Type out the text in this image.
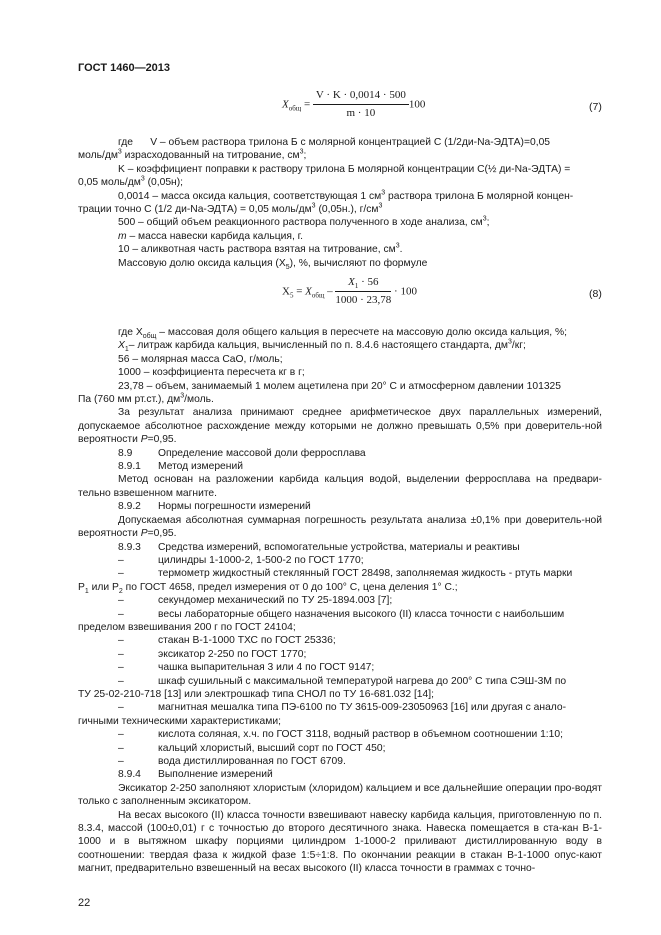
ГОСТ 1460—2013
$X_{общ} = \frac{V \cdot K \cdot 0,0014 \cdot 500}{m \cdot 10} 100$	(7)

где V – объем раствора трилона Б с молярной концентрацией С (1/2ди-Na-ЭДТА)=0,05

моль/$дм^3$ израсходованный на титрование, $см^3$;

K – коэффициент поправки к раствору трилона Б молярной концентрации С(½ ди-Na-ЭДТА) =

0,05 моль/$дм^3$ (0,05н);

0,0014 – масса оксида кальция, соответствующая 1 $см^3$ раствора трилона Б молярной концен-

трации точно С (1/2 ди-Na-ЭДТА) = 0,05 моль/$дм^3$ (0,05н.), $г/см^3$

500 – общий объем реакционного раствора полученного в ходе анализа, $см^3$;

m – масса навески карбида кальция, г.

10 – аликвотная часть раствора взятая на титрование, $см^3$.

Массовую долю оксида кальция $(X_5)$, %, вычисляют по формуле

$X_5 = X_{общ} - \frac{X_1 \cdot 56}{1000 \cdot 23,78} \cdot 100$	(8)

где $X_{общ}$ – массовая доля общего кальция в пересчете на массовую долю оксида кальция, %;

$X_1-$ литраж карбида кальция, вычисленный по п. 8.4.6 настоящего стандарта, $дм^3/кг$;

56 – молярная масса CaO, г/моль;

1000 – коэффициента пересчета кг в г;

23,78 – объем, занимаемый 1 молем ацетилена при 20° С и атмосферном давлении 101325

Па (760 мм рт.ст.), $дм^3$/моль.

За результат анализа принимают среднее арифметическое двух параллельных измерений, допускаемое абсолютное расхождение между которыми не должно превышать 0,5% при доверитель-ной вероятности P=0,95.

8.9 Определение массовой доли ферросплава

8.9.1 Метод измерений

Метод основан на разложении карбида кальция водой, выделении ферросплава на предвари-тельно взвешенном магните.

8.9.2 Нормы погрешности измерений

Допускаемая абсолютная суммарная погрешность результата анализа ±0,1% при доверитель-ной вероятности P=0,95.

8.9.3 Средства измерений, вспомогательные устройства, материалы и реактивы

–	цилиндры 1-1000-2, 1-500-2 по ГОСТ 1770;

–	термометр жидкостный стеклянный ГОСТ 28498, заполняемая жидкость - ртуть марки

$Р_1$ или $Р_2$ по ГОСТ 4658, предел измерения от 0 до 100° С, цена деления 1° С.;

–	секундомер механический по ТУ 25-1894.003 [7];

–	весы лабораторные общего назначения высокого (II) класса точности с наибольшим

пределом взвешивания 200 г по ГОСТ 24104;

–	стакан В-1-1000 ТХС по ГОСТ 25336;

–	эксикатор 2-250 по ГОСТ 1770;

–	чашка выпарительная 3 или 4 по ГОСТ 9147;

–	шкаф сушильный с максимальной температурой нагрева до 200° С типа СЭШ-3М по

ТУ 25-02-210-718 [13] или электрошкаф типа СНОЛ по ТУ 16-681.032 [14];

–	магнитная мешалка типа ПЭ-6100 по ТУ 3615-009-23050963 [16] или другая с анало-

гичными техническими характеристиками;

–	кислота соляная, х.ч. по ГОСТ 3118, водный раствор в объемном соотношении 1:10;

–	кальций хлористый, высший сорт по ГОСТ 450;

–	вода дистиллированная по ГОСТ 6709.

8.9.4 Выполнение измерений

Эксикатор 2-250 заполняют хлористым (хлоридом) кальцием и все дальнейшие операции про-водят только с заполненным эксикатором.

На весах высокого (II) класса точности взвешивают навеску карбида кальция, приготовленную по п. 8.3.4, массой (100±0,01) г с точностью до второго десятичного знака. Навеска помещается в ста-кан В-1-1000 и в вытяжном шкафу порциями цилиндром 1-1000-2 приливают дистиллированную воду в соотношении: твердая фаза к жидкой фазе 1:5÷1:8. По окончании реакции в стакан В-1-1000 опус-кают магнит, предварительно взвешенный на весах высокого (II) класса точности в граммах с точно-

22
